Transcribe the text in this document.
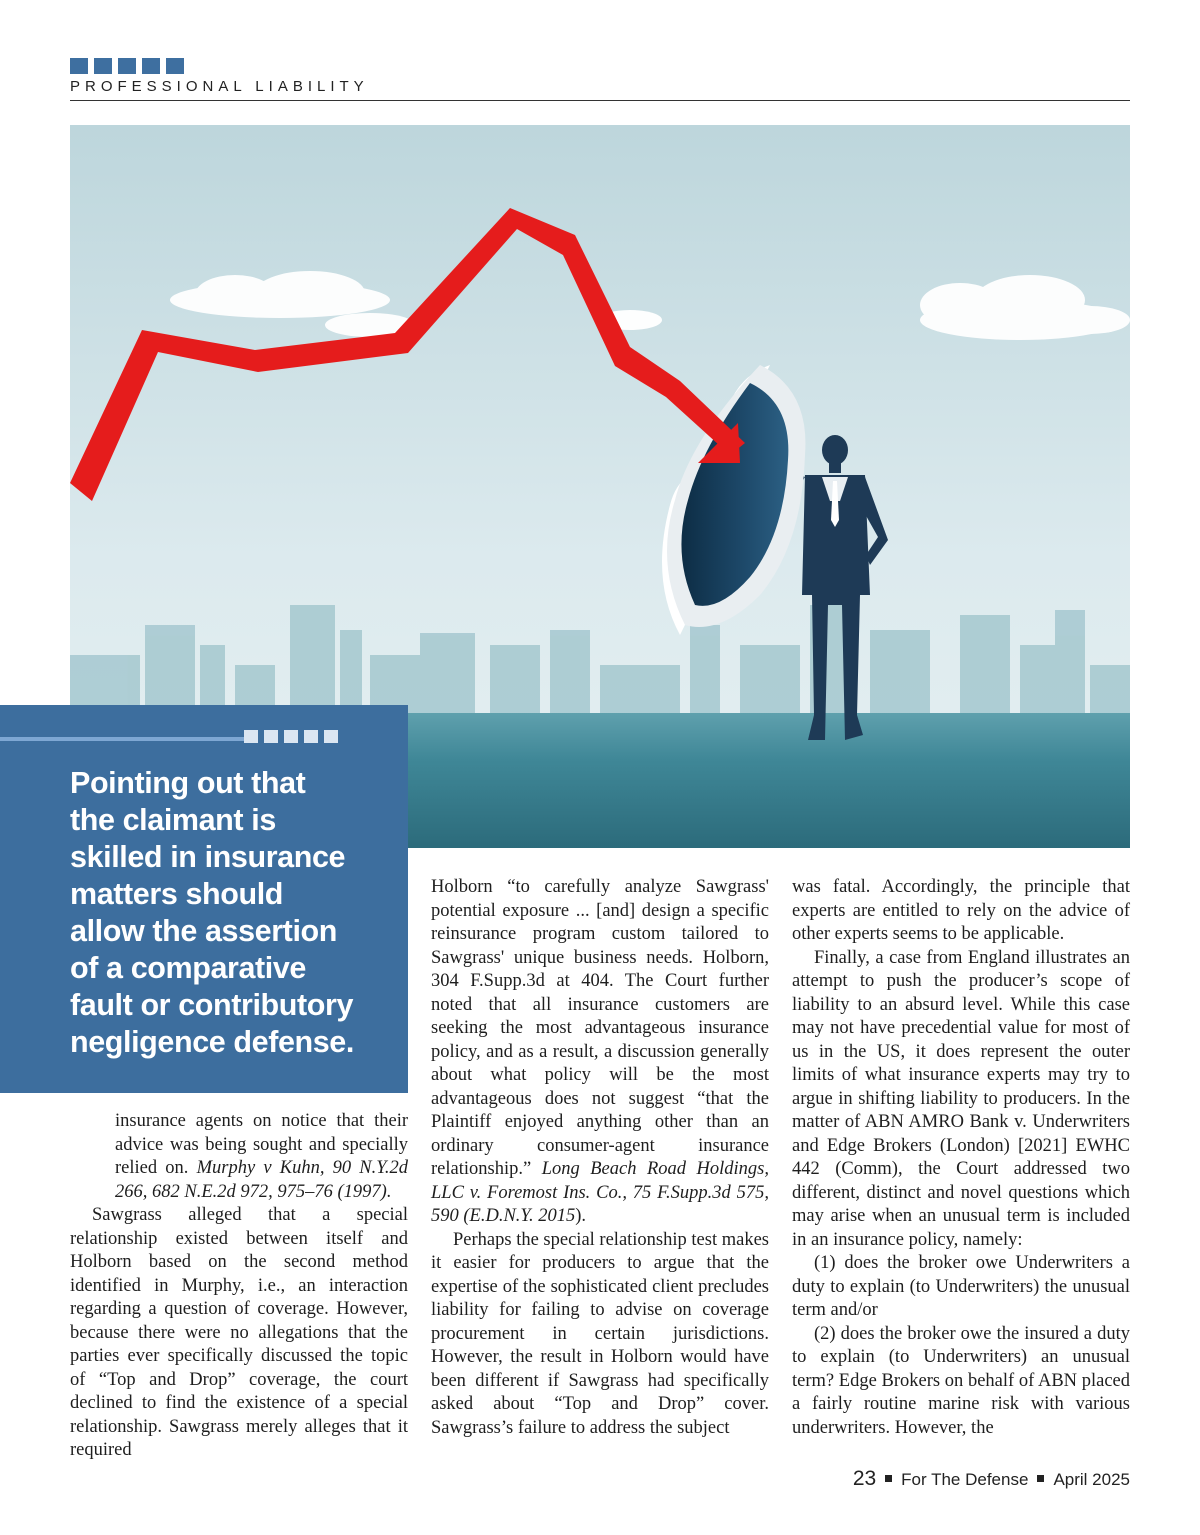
PROFESSIONAL LIABILITY
Pointing out that
the claimant is
skilled in insurance
matters should
allow the assertion
of a comparative
fault or contributory
negligence defense.

insurance agents on notice that their advice was being sought and specially relied on. Murphy v Kuhn, 90 N.Y.2d 266, 682 N.E.2d 972, 975–76 (1997).

Sawgrass alleged that a special relationship existed between itself and Holborn based on the second method identified in Murphy, i.e., an interaction regarding a question of coverage. However, because there were no allegations that the parties ever specifically discussed the topic of “Top and Drop” coverage, the court declined to find the existence of a special relationship. Sawgrass merely alleges that it required

Holborn “to carefully analyze Sawgrass' potential exposure ... [and] design a specific reinsurance program custom tailored to Sawgrass' unique business needs. Holborn, 304 F.Supp.3d at 404. The Court further noted that all insurance customers are seeking the most advantageous insurance policy, and as a result, a discussion generally about what policy will be the most advantageous does not suggest “that the Plaintiff enjoyed anything other than an ordinary consumer-agent insurance relationship.” Long Beach Road Holdings, LLC v. Foremost Ins. Co., 75 F.Supp.3d 575, 590 (E.D.N.Y. 2015).

Perhaps the special relationship test makes it easier for producers to argue that the expertise of the sophisticated client precludes liability for failing to advise on coverage procurement in certain jurisdictions. However, the result in Holborn would have been different if Sawgrass had specifically asked about “Top and Drop” cover. Sawgrass’s failure to address the subject

was fatal. Accordingly, the principle that experts are entitled to rely on the advice of other experts seems to be applicable.

Finally, a case from England illustrates an attempt to push the producer’s scope of liability to an absurd level. While this case may not have precedential value for most of us in the US, it does represent the outer limits of what insurance experts may try to argue in shifting liability to producers. In the matter of ABN AMRO Bank v. Underwriters and Edge Brokers (London) [2021] EWHC 442 (Comm), the Court addressed two different, distinct and novel questions which may arise when an unusual term is included in an insurance policy, namely:

(1) does the broker owe Underwriters a duty to explain (to Underwriters) the unusual term and/or

(2) does the broker owe the insured a duty to explain (to Underwriters) an unusual term? Edge Brokers on behalf of ABN placed a fairly routine marine risk with various underwriters. However, the

23 For The Defense April 2025
